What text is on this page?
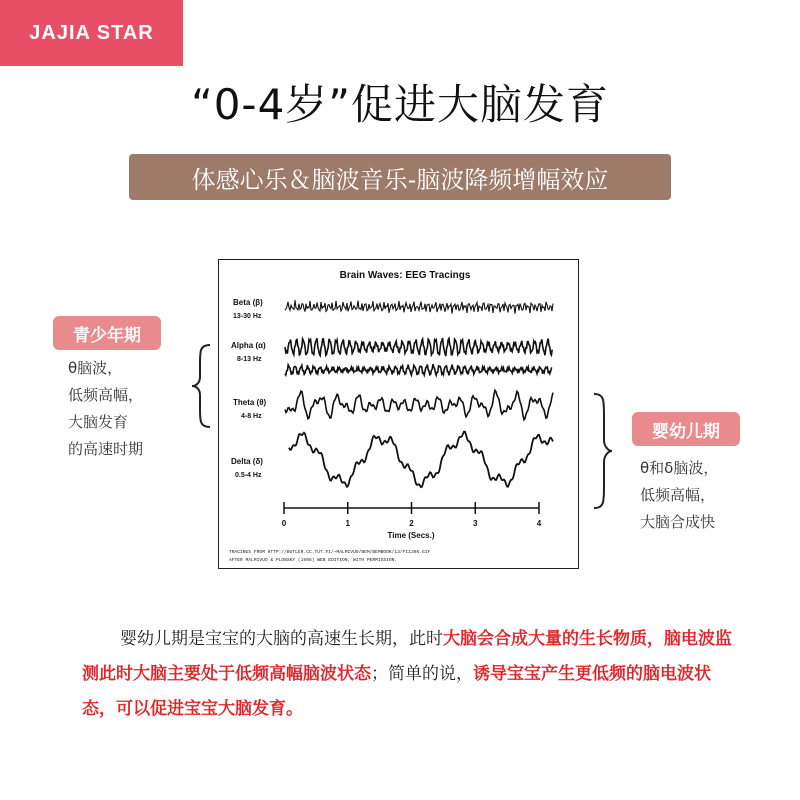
JAJIA STAR
“0-4岁”促进大脑发育
体感心乐＆脑波音乐-脑波降频增幅效应
青少年期
θ脑波，
低频高幅，
大脑发育
的高速时期
婴幼儿期
θ和δ脑波，
低频高幅，
大脑合成快
Brain Waves: EEG Tracings
Beta (β)
13-30 Hz
Alpha (α)
8-13 Hz
Theta (θ)
4-8 Hz
Delta (δ)
0.5-4 Hz
0	1	2	3	4
Time (Secs.)
TRACINGS FROM HTTP://BUTLER.CC.TUT.FI/~MALMIVUO/BEM/BEMBOOK/13/FI1305.GIF
AFTER MALMIVUO & PLONSKY (1995) WEB EDITION, WITH PERMISSION.
婴幼儿期是宝宝的大脑的高速生长期，此时大脑会合成大量的生长物质，脑电波监测此时大脑主要处于低频高幅脑波状态；简单的说，诱导宝宝产生更低频的脑电波状态，可以促进宝宝大脑发育。
